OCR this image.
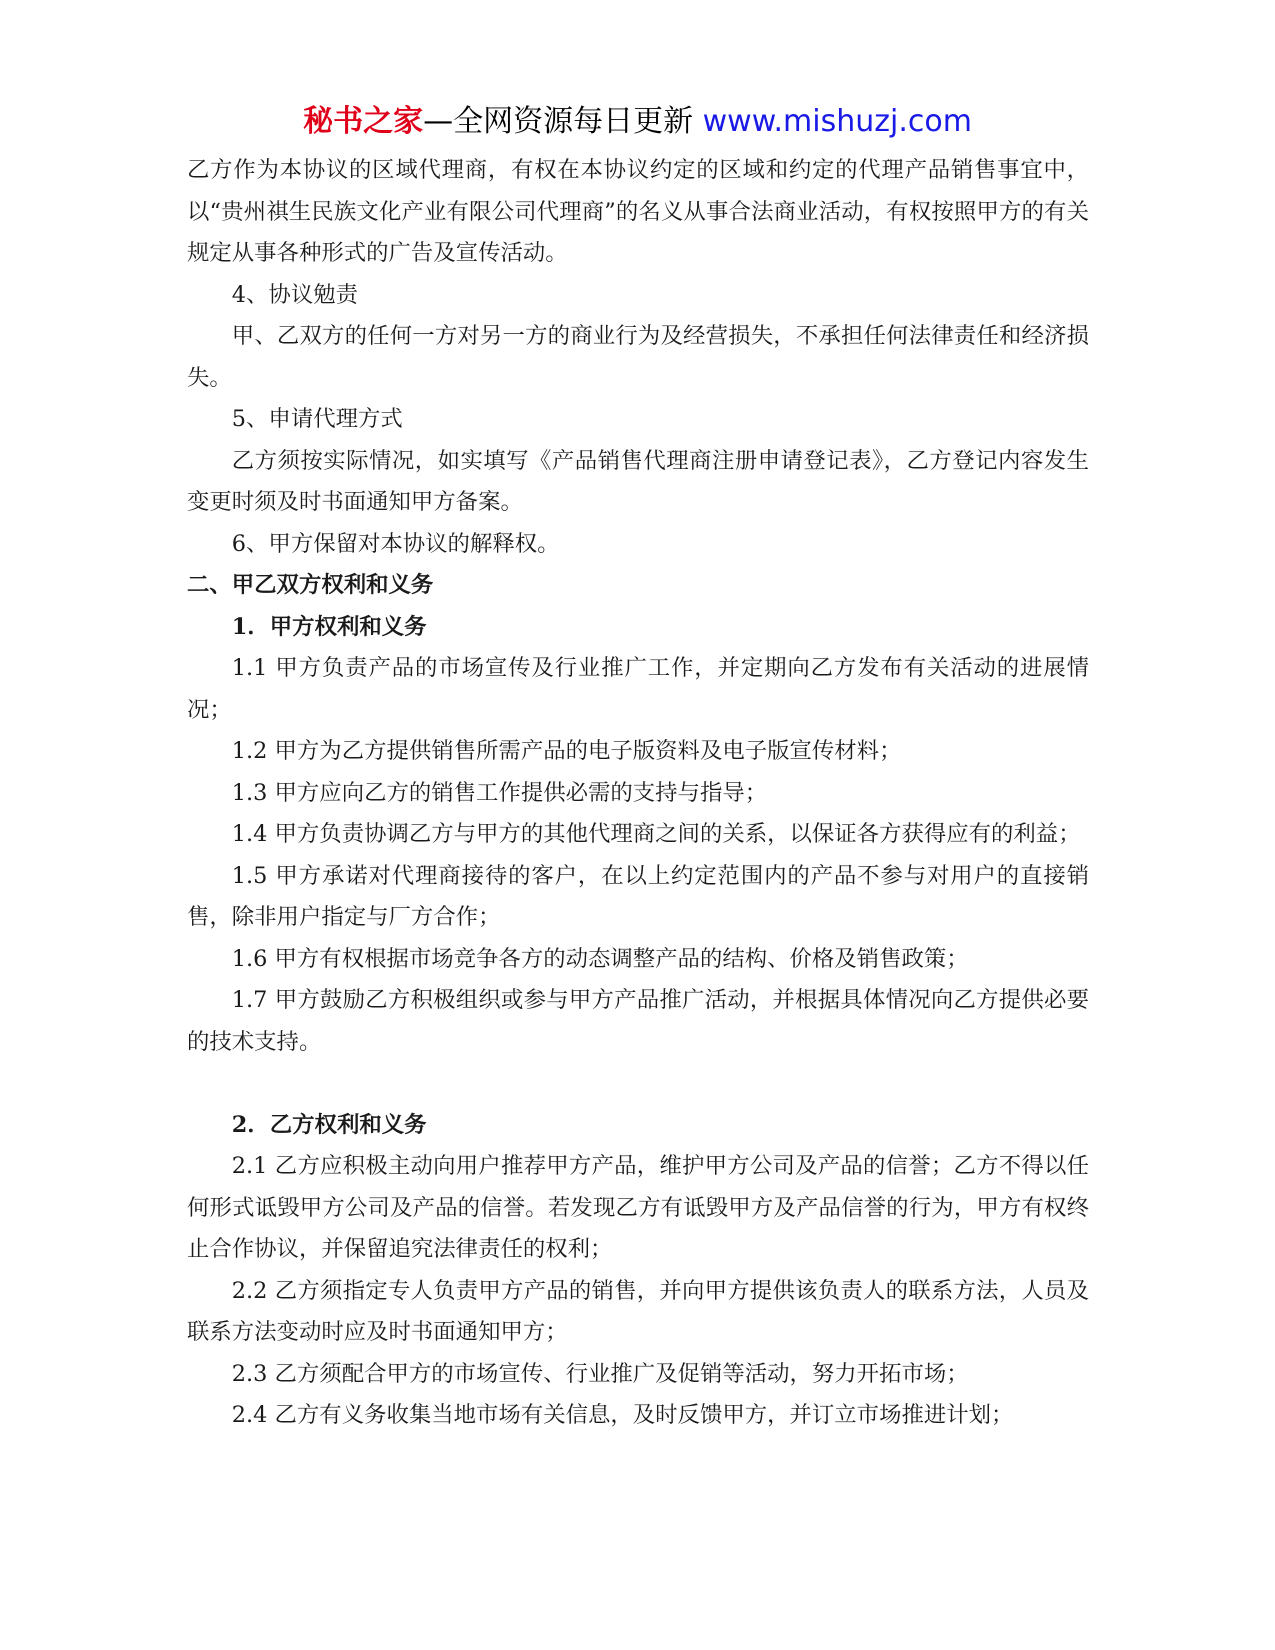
秘书之家—全网资源每日更新 www.mishuzj.com

乙方作为本协议的区域代理商，有权在本协议约定的区域和约定的代理产品销售事宜中，以“贵州祺生民族文化产业有限公司代理商”的名义从事合法商业活动，有权按照甲方的有关规定从事各种形式的广告及宣传活动。

4、协议勉责

甲、乙双方的任何一方对另一方的商业行为及经营损失，不承担任何法律责任和经济损失。

5、申请代理方式

乙方须按实际情况，如实填写《产品销售代理商注册申请登记表》，乙方登记内容发生变更时须及时书面通知甲方备案。

6、甲方保留对本协议的解释权。

二、甲乙双方权利和义务

1．甲方权利和义务

1.1 甲方负责产品的市场宣传及行业推广工作，并定期向乙方发布有关活动的进展情况；

1.2 甲方为乙方提供销售所需产品的电子版资料及电子版宣传材料；

1.3 甲方应向乙方的销售工作提供必需的支持与指导；

1.4 甲方负责协调乙方与甲方的其他代理商之间的关系，以保证各方获得应有的利益；

1.5 甲方承诺对代理商接待的客户，在以上约定范围内的产品不参与对用户的直接销售，除非用户指定与厂方合作；

1.6 甲方有权根据市场竞争各方的动态调整产品的结构、价格及销售政策；

1.7 甲方鼓励乙方积极组织或参与甲方产品推广活动，并根据具体情况向乙方提供必要的技术支持。

2．乙方权利和义务

2.1 乙方应积极主动向用户推荐甲方产品，维护甲方公司及产品的信誉；乙方不得以任何形式诋毁甲方公司及产品的信誉。若发现乙方有诋毁甲方及产品信誉的行为，甲方有权终止合作协议，并保留追究法律责任的权利；

2.2 乙方须指定专人负责甲方产品的销售，并向甲方提供该负责人的联系方法，人员及联系方法变动时应及时书面通知甲方；

2.3 乙方须配合甲方的市场宣传、行业推广及促销等活动，努力开拓市场；

2.4 乙方有义务收集当地市场有关信息，及时反馈甲方，并订立市场推进计划；
